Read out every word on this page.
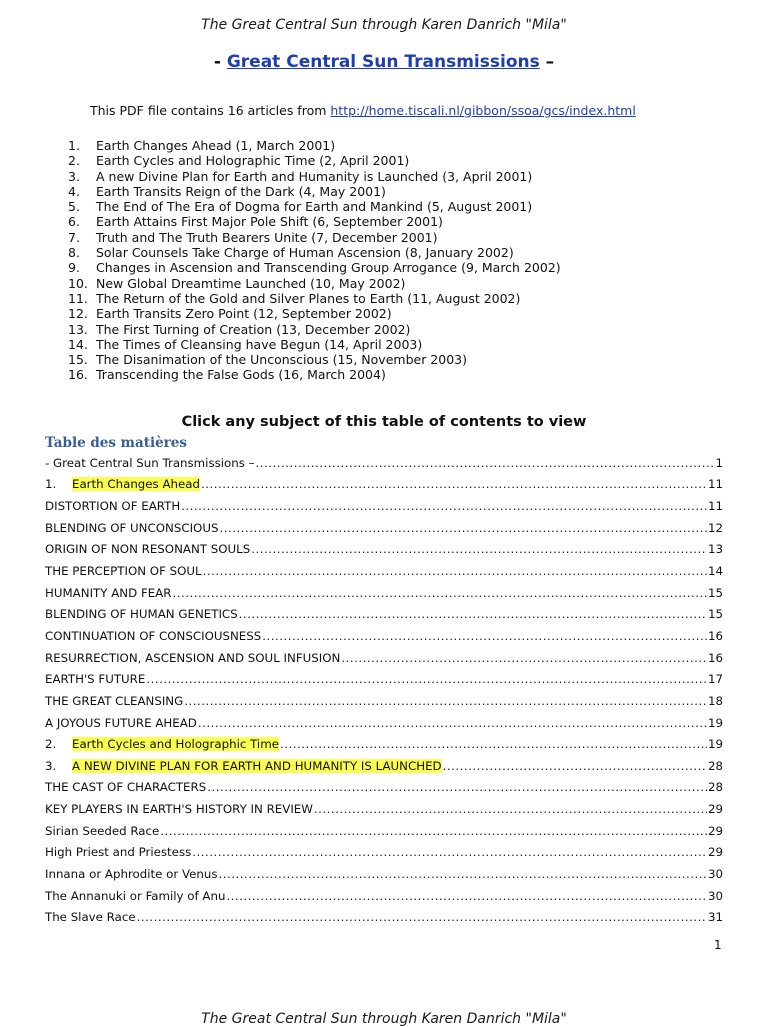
The Great Central Sun through Karen Danrich "Mila"
- Great Central Sun Transmissions –
This PDF file contains 16 articles from http://home.tiscali.nl/gibbon/ssoa/gcs/index.html
1. Earth Changes Ahead (1, March 2001)
2. Earth Cycles and Holographic Time (2, April 2001)
3. A new Divine Plan for Earth and Humanity is Launched (3, April 2001)
4. Earth Transits Reign of the Dark (4, May 2001)
5. The End of The Era of Dogma for Earth and Mankind (5, August 2001)
6. Earth Attains First Major Pole Shift (6, September 2001)
7. Truth and The Truth Bearers Unite (7, December 2001)
8. Solar Counsels Take Charge of Human Ascension (8, January 2002)
9. Changes in Ascension and Transcending Group Arrogance (9, March 2002)
10. New Global Dreamtime Launched (10, May 2002)
11. The Return of the Gold and Silver Planes to Earth (11, August 2002)
12. Earth Transits Zero Point (12, September 2002)
13. The First Turning of Creation (13, December 2002)
14. The Times of Cleansing have Begun (14, April 2003)
15. The Disanimation of the Unconscious (15, November 2003)
16. Transcending the False Gods (16, March 2004)
Click any subject of this table of contents to view
Table des matières
- Great Central Sun Transmissions – .....	1
1.	Earth Changes Ahead .....	11
DISTORTION OF EARTH .....	11
BLENDING OF UNCONSCIOUS .....	12
ORIGIN OF NON RESONANT SOULS .....	13
THE PERCEPTION OF SOUL .....	14
HUMANITY AND FEAR .....	15
BLENDING OF HUMAN GENETICS .....	15
CONTINUATION OF CONSCIOUSNESS .....	16
RESURRECTION, ASCENSION AND SOUL INFUSION .....	16
EARTH'S FUTURE .....	17
THE GREAT CLEANSING .....	18
A JOYOUS FUTURE AHEAD .....	19
2.	Earth Cycles and Holographic Time .....	19
3.	A NEW DIVINE PLAN FOR EARTH AND HUMANITY IS LAUNCHED .....	28
THE CAST OF CHARACTERS .....	28
KEY PLAYERS IN EARTH'S HISTORY IN REVIEW .....	29
Sirian Seeded Race .....	29
High Priest and Priestess .....	29
Innana or Aphrodite or Venus .....	30
The Annanuki or Family of Anu .....	30
The Slave Race .....	31
1
The Great Central Sun through Karen Danrich "Mila"
